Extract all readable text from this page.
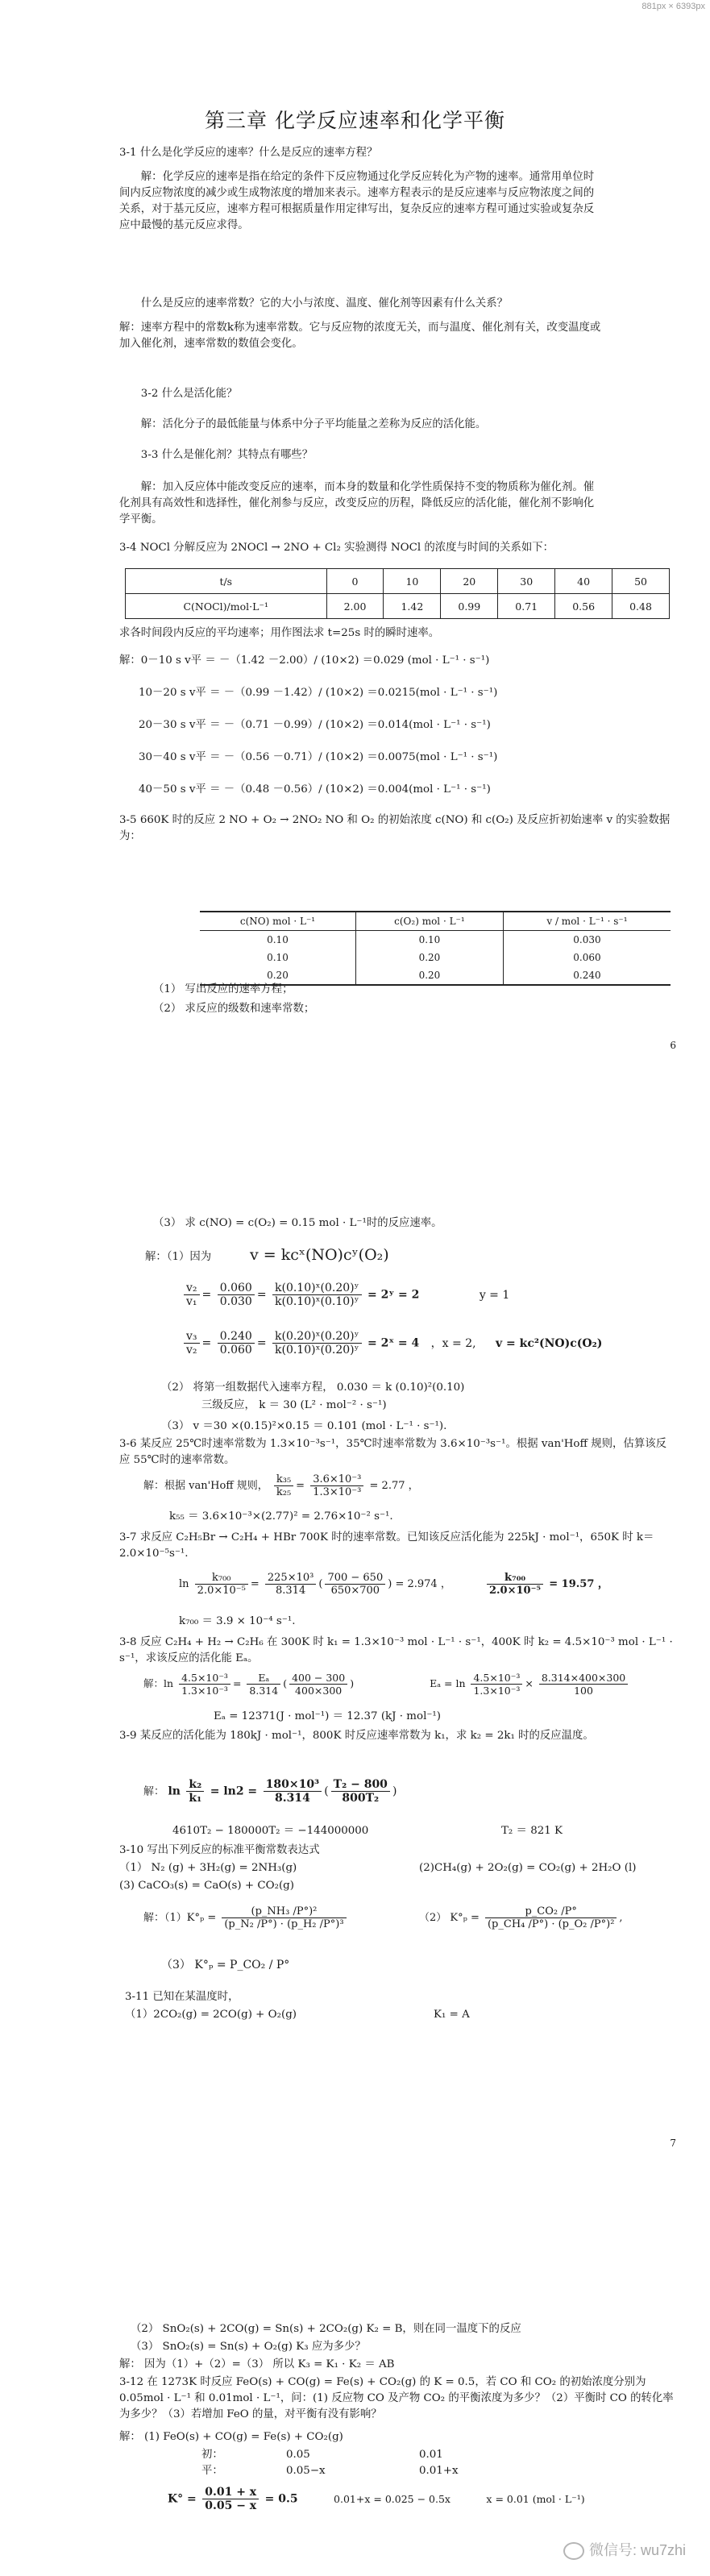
881px × 6393px
第三章 化学反应速率和化学平衡
3-1 什么是化学反应的速率？什么是反应的速率方程？
解：化学反应的速率是指在给定的条件下反应物通过化学反应转化为产物的速率。通常用单位时间内反应物浓度的减少或生成物浓度的增加来表示。速率方程表示的是反应速率与反应物浓度之间的关系，对于基元反应，速率方程可根据质量作用定律写出，复杂反应的速率方程可通过实验或复杂反应中最慢的基元反应求得。
什么是反应的速率常数？它的大小与浓度、温度、催化剂等因素有什么关系？
解：速率方程中的常数k称为速率常数。它与反应物的浓度无关，而与温度、催化剂有关，改变温度或加入催化剂，速率常数的数值会变化。
3-2 什么是活化能？
解：活化分子的最低能量与体系中分子平均能量之差称为反应的活化能。
3-3 什么是催化剂？其特点有哪些？
解：加入反应体中能改变反应的速率，而本身的数量和化学性质保持不变的物质称为催化剂。催化剂具有高效性和选择性，催化剂参与反应，改变反应的历程，降低反应的活化能，催化剂不影响化学平衡。
3-4 NOCl 分解反应为 2NOCl → 2NO + Cl₂ 实验测得 NOCl 的浓度与时间的关系如下：
t/s	0	10	20	30	40	50
C(NOCl)/mol·L⁻¹	2.00	1.42	0.99	0.71	0.56	0.48
求各时间段内反应的平均速率；用作图法求 t=25s 时的瞬时速率。
解：0－10 s v平 ＝ －（1.42 －2.00）/ (10×2) ＝0.029 (mol · L⁻¹ · s⁻¹)
10－20 s v平 ＝ －（0.99 －1.42）/ (10×2) ＝0.0215(mol · L⁻¹ · s⁻¹)
20－30 s v平 ＝ －（0.71 －0.99）/ (10×2) ＝0.014(mol · L⁻¹ · s⁻¹)
30－40 s v平 ＝ －（0.56 －0.71）/ (10×2) ＝0.0075(mol · L⁻¹ · s⁻¹)
40－50 s v平 ＝ －（0.48 －0.56）/ (10×2) ＝0.004(mol · L⁻¹ · s⁻¹)
3-5 660K 时的反应 2 NO + O₂ → 2NO₂ NO 和 O₂ 的初始浓度 c(NO) 和 c(O₂) 及反应折初始速率 v 的实验数据为：
c(NO) mol · L⁻¹	c(O₂) mol · L⁻¹	v / mol · L⁻¹ · s⁻¹
0.10	0.10	0.030
0.10	0.20	0.060
0.20	0.20	0.240
（1） 写出反应的速率方程；
（2） 求反应的级数和速率常数；
6
（3） 求 c(NO) = c(O₂) = 0.15 mol · L⁻¹时的反应速率。
解：（1）因为	v = kcˣ(NO)cʸ(O₂)
$\frac{\text{v₂}}{\text{v₁}} = \frac{0.060}{0.030} = \frac{\text{k(0.10)ˣ(0.20)ʸ}}{\text{k(0.10)ˣ(0.10)ʸ}}$ = 2ʸ = 2	y = 1
$\frac{\text{v₃}}{\text{v₂}} = \frac{0.240}{0.060} = \frac{\text{k(0.20)ˣ(0.20)ʸ}}{\text{k(0.10)ˣ(0.20)ʸ}}$ = 2ˣ = 4 ，x = 2, v = kc²(NO)c(O₂)
（2） 将第一组数据代入速率方程， 0.030 ＝ k (0.10)²(0.10)
三级反应， k ＝ 30 (L² · mol⁻² · s⁻¹)
（3） v ＝30 ×(0.15)²×0.15 ＝ 0.101 (mol · L⁻¹ · s⁻¹).
3-6 某反应 25℃时速率常数为 1.3×10⁻³s⁻¹，35℃时速率常数为 3.6×10⁻³s⁻¹。根据 van'Hoff 规则，估算该反应 55℃时的速率常数。
解：根据 van'Hoff 规则， $\frac{\text{k₃₅}}{\text{k₂₅}} = \frac{\text{3.6×10⁻³}}{\text{1.3×10⁻³}} = 2.77$ ，
k₅₅ ＝ 3.6×10⁻³×(2.77)² = 2.76×10⁻² s⁻¹.
3-7 求反应 C₂H₅Br → C₂H₄ + HBr 700K 时的速率常数。已知该反应活化能为 225kJ · mol⁻¹，650K 时 k＝2.0×10⁻⁵s⁻¹.
$\ln \frac{\text{k₇₀₀}}{\text{2.0×10⁻⁵}} = \frac{\text{225×10³}}{8.314}$ ( $\frac{700 - 650}{650\times 700}$ ) = 2.974 ，	$\frac{\text{k₇₀₀}}{\text{2.0×10⁻⁵}} = 19.57$ ，
k₇₀₀ ＝ 3.9 × 10⁻⁴ s⁻¹.
3-8 反应 C₂H₄ + H₂ → C₂H₆ 在 300K 时 k₁ = 1.3×10⁻³ mol · L⁻¹ · s⁻¹，400K 时 k₂ = 4.5×10⁻³ mol · L⁻¹ · s⁻¹，求该反应的活化能 Eₐ。
解：$\ln \frac{\text{4.5×10⁻³}}{\text{1.3×10⁻³}} = \frac{\text{Eₐ}}{8.314}$ ( $\frac{400 - 300}{400\times 300}$ )	$E_a = \ln \frac{\text{4.5×10⁻³}}{\text{1.3×10⁻³}} \times \frac{8.314\times 400\times 300}{100}$
Eₐ = 12371(J · mol⁻¹) ＝ 12.37 (kJ · mol⁻¹)
3-9 某反应的活化能为 180kJ · mol⁻¹，800K 时反应速率常数为 k₁，求 k₂ = 2k₁ 时的反应温度。
解： $\ln \frac{\text{k₂}}{\text{k₁}} = \ln 2 = \frac{\text{180×10³}}{8.314}$ ( $\frac{\text{T₂ − 800}}{\text{800T₂}}$ )
4610T₂ − 180000T₂ ＝ −144000000	T₂ ＝ 821 K
3-10 写出下列反应的标准平衡常数表达式
（1） N₂ (g) + 3H₂(g) = 2NH₃(g)	(2)CH₄(g) + 2O₂(g) = CO₂(g) + 2H₂O (l)
(3) CaCO₃(s) = CaO(s) + CO₂(g)
解：$(1)K^\circ_p = \frac{\text{(p\_NH₃ /P°)²}}{\text{(p\_N₂ /P°) · (p\_H₂ /P°)³}}$	（2） $K^\circ_p = \frac{\text{p\_CO₂ /P°}}{\text{(p\_CH₄ /P°) · (p\_O₂ /P°)²}}$ ,
（3） K°ₚ = P_CO₂ / P°
3-11 已知在某温度时，
（1）2CO₂(g) = 2CO(g) + O₂(g)	K₁ = A
7
（2） SnO₂(s) + 2CO(g) = Sn(s) + 2CO₂(g) K₂ = B，则在同一温度下的反应
（3） SnO₂(s) = Sn(s) + O₂(g) K₃ 应为多少？
解： 因为（1）+（2）=（3） 所以 K₃ = K₁ · K₂ ＝ AB
3-12 在 1273K 时反应 FeO(s) + CO(g) = Fe(s) + CO₂(g) 的 K = 0.5，若 CO 和 CO₂ 的初始浓度分别为 0.05mol · L⁻¹ 和 0.01mol · L⁻¹，问：(1) 反应物 CO 及产物 CO₂ 的平衡浓度为多少？（2）平衡时 CO 的转化率为多少？（3）若增加 FeO 的量，对平衡有没有影响？
解： (1) FeO(s) + CO(g) = Fe(s) + CO₂(g)
初：	0.05	0.01
平：	0.05−x	0.01+x
$K^\circ = \frac{0.01 + x}{0.05 - x} = 0.5$	0.01+x = 0.025 − 0.5x	x = 0.01 (mol · L⁻¹)
微信号: wu7zhi
